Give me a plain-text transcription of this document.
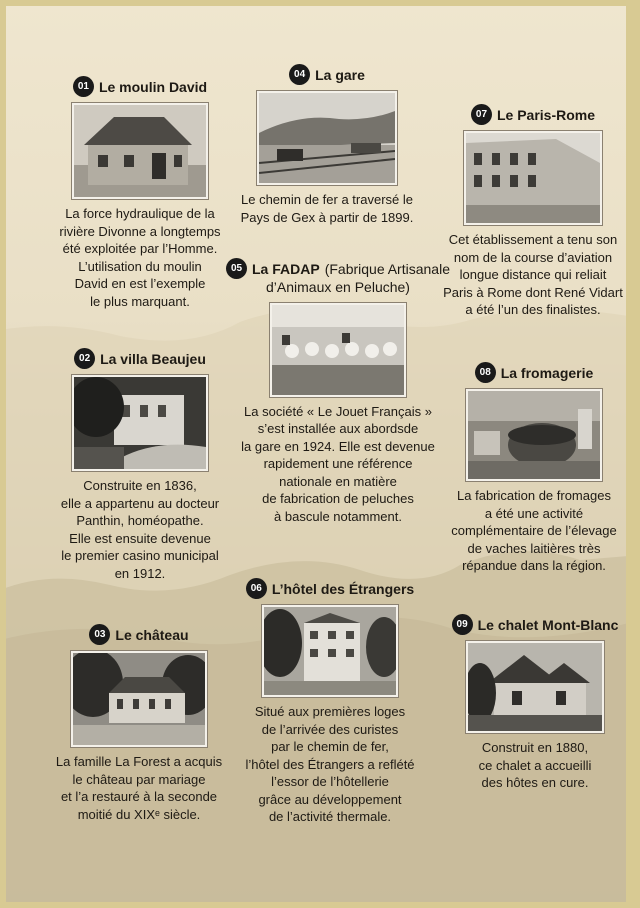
01 Le moulin David
La force hydraulique de la
rivière Divonne a longtemps
été exploitée par l’Homme.
L’utilisation du moulin
David en est l’exemple
le plus marquant.
02 La villa Beaujeu
Construite en 1836,
elle a appartenu au docteur
Panthin, homéopathe.
Elle est ensuite devenue
le premier casino municipal
en 1912.
03 Le château
La famille La Forest a acquis
le château par mariage
et l’a restauré à la seconde
moitié du XIXᵉ siècle.
04 La gare
Le chemin de fer a traversé le
Pays de Gex à partir de 1899.
05 La FADAP (Fabrique Artisanale
d’Animaux en Peluche)
La société « Le Jouet Français »
s’est installée aux abordsde
la gare en 1924. Elle est devenue
rapidement une référence
nationale en matière
de fabrication de peluches
à bascule notamment.
06 L’hôtel des Étrangers
Situé aux premières loges
de l’arrivée des curistes
par le chemin de fer,
l’hôtel des Étrangers a reflété
l’essor de l’hôtellerie
grâce au développement
de l’activité thermale.
07 Le Paris-Rome
Cet établissement a tenu son
nom de la course d’aviation
longue distance qui reliait
Paris à Rome dont René Vidart
a été l’un des finalistes.
08 La fromagerie
La fabrication de fromages
a été une activité
complémentaire de l’élevage
de vaches laitières très
répandue dans la région.
09 Le chalet Mont-Blanc
Construit en 1880,
ce chalet a accueilli
des hôtes en cure.
